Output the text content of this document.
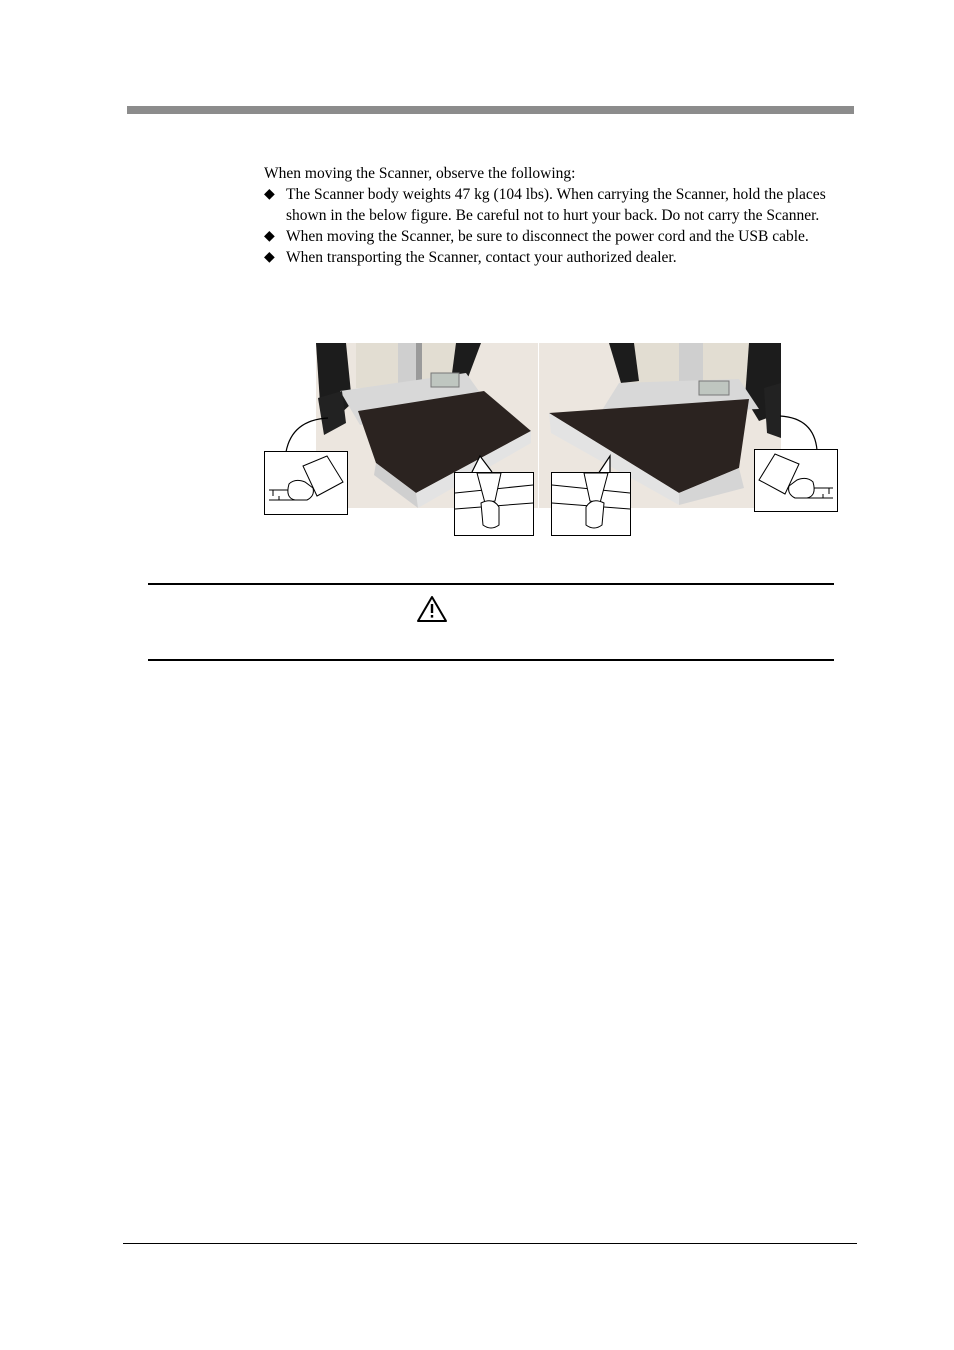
When moving the Scanner, observe the following:

◆ The Scanner body weights 47 kg (104 lbs). When carrying the Scanner, hold the places shown in the below figure. Be careful not to hurt your back. Do not carry the Scanner.
◆ When moving the Scanner, be sure to disconnect the power cord and the USB cable.
◆ When transporting the Scanner, contact your authorized dealer.
